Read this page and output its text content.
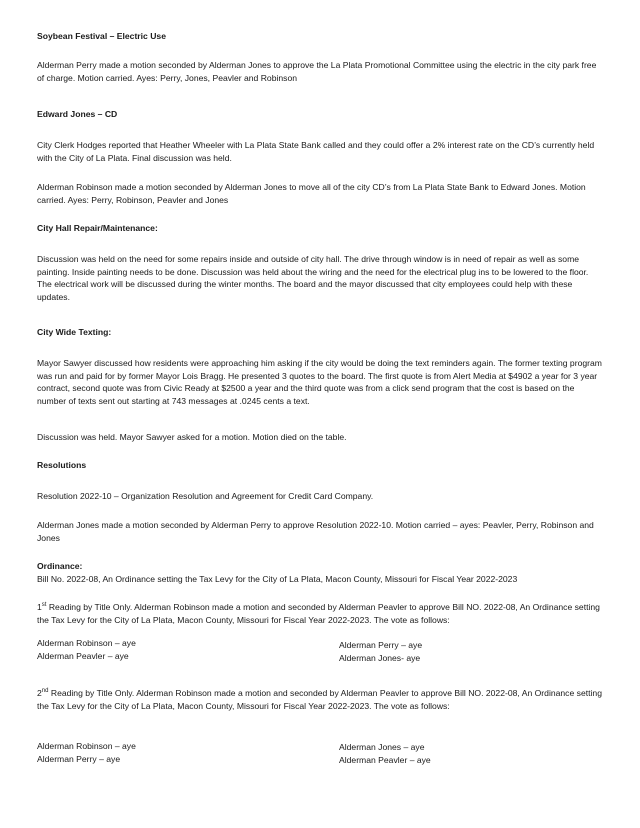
Soybean Festival – Electric Use

Alderman Perry made a motion seconded by Alderman Jones to approve the La Plata Promotional Committee using the electric in the city park free of charge. Motion carried. Ayes: Perry, Jones, Peavler and Robinson

Edward Jones – CD

City Clerk Hodges reported that Heather Wheeler with La Plata State Bank called and they could offer a 2% interest rate on the CD’s currently held with the City of La Plata. Final discussion was held.

Alderman Robinson made a motion seconded by Alderman Jones to move all of the city CD’s from La Plata State Bank to Edward Jones. Motion carried. Ayes: Perry, Robinson, Peavler and Jones

City Hall Repair/Maintenance:

Discussion was held on the need for some repairs inside and outside of city hall. The drive through window is in need of repair as well as some painting. Inside painting needs to be done. Discussion was held about the wiring and the need for the electrical plug ins to be lowered to the floor. The electrical work will be discussed during the winter months. The board and the mayor discussed that city employees could help with these updates.

City Wide Texting:

Mayor Sawyer discussed how residents were approaching him asking if the city would be doing the text reminders again. The former texting program was run and paid for by former Mayor Lois Bragg. He presented 3 quotes to the board. The first quote is from Alert Media at $4902 a year for 3 year contract, second quote was from Civic Ready at $2500 a year and the third quote was from a click send program that the cost is based on the number of texts sent out starting at 743 messages at .0245 cents a text.

Discussion was held. Mayor Sawyer asked for a motion. Motion died on the table.

Resolutions

Resolution 2022-10 – Organization Resolution and Agreement for Credit Card Company.

Alderman Jones made a motion seconded by Alderman Perry to approve Resolution 2022-10. Motion carried – ayes: Peavler, Perry, Robinson and Jones

Ordinance:

Bill No. 2022-08, An Ordinance setting the Tax Levy for the City of La Plata, Macon County, Missouri for Fiscal Year 2022-2023

1st Reading by Title Only. Alderman Robinson made a motion and seconded by Alderman Peavler to approve Bill NO. 2022-08, An Ordinance setting the Tax Levy for the City of La Plata, Macon County, Missouri for Fiscal Year 2022-2023. The vote as follows:

Alderman Robinson – aye
Alderman Peavler – aye
Alderman Perry – aye
Alderman Jones- aye

2nd Reading by Title Only. Alderman Robinson made a motion and seconded by Alderman Peavler to approve Bill NO. 2022-08, An Ordinance setting the Tax Levy for the City of La Plata, Macon County, Missouri for Fiscal Year 2022-2023. The vote as follows:

Alderman Robinson – aye
Alderman Perry – aye
Alderman Jones – aye
Alderman Peavler – aye
